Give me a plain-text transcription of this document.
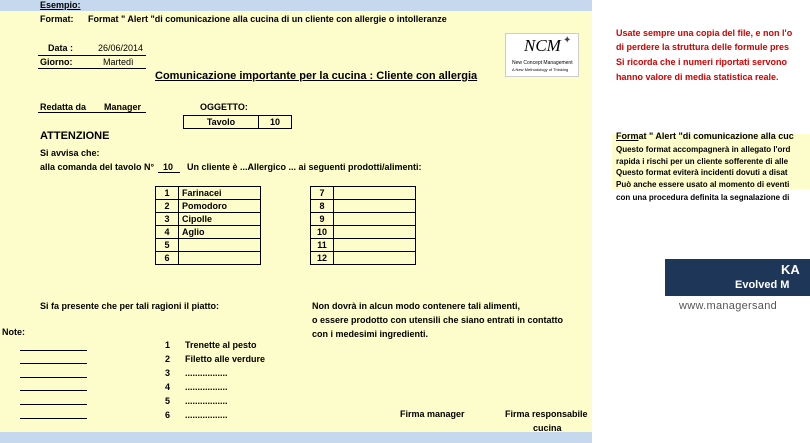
Esempio:
Format: Format " Alert "di comunicazione alla cucina di un cliente con allergie o intolleranze
Data :	26/06/2014
Giorno:	Martedì
Comunicazione importante per la cucina : Cliente con allergia
NCM ✦
New Concept Management
A New Methodology of Thinking
Redatta da Manager	OGGETTO:
Tavolo	10
ATTENZIONE
Si avvisa che:
alla comanda del tavolo N° 10 Un cliente è ...Allergico ... ai seguenti prodotti/alimenti:
1	Farinacei
2	Pomodoro
3	Cipolle
4	Aglio
5	
6	
7	
8	
9	
10	
11	
12	
Si fa presente che per tali ragioni il piatto:	Non dovrà in alcun modo contenere tali alimenti,
o essere prodotto con utensili che siano entrati in contatto
con i medesimi ingredienti.
Note:
1 Trenette al pesto
2 Filetto alle verdure
3 .................
4 .................
5 .................
6 .................	Firma manager	Firma responsabile
cucina
Usate sempre una copia del file, e non l'o
di perdere la struttura delle formule pres
Si ricorda che i numeri riportati servono
hanno valore di media statistica reale.
Format " Alert "di comunicazione alla cuc
Questo format accompagnerà in allegato l'ord
rapida i rischi per un cliente sofferente di alle
Questo format eviterà incidenti dovuti a disat
Può anche essere usato al momento di eventi
con una procedura definita la segnalazione di
KA
Evolved M
www.managersand
